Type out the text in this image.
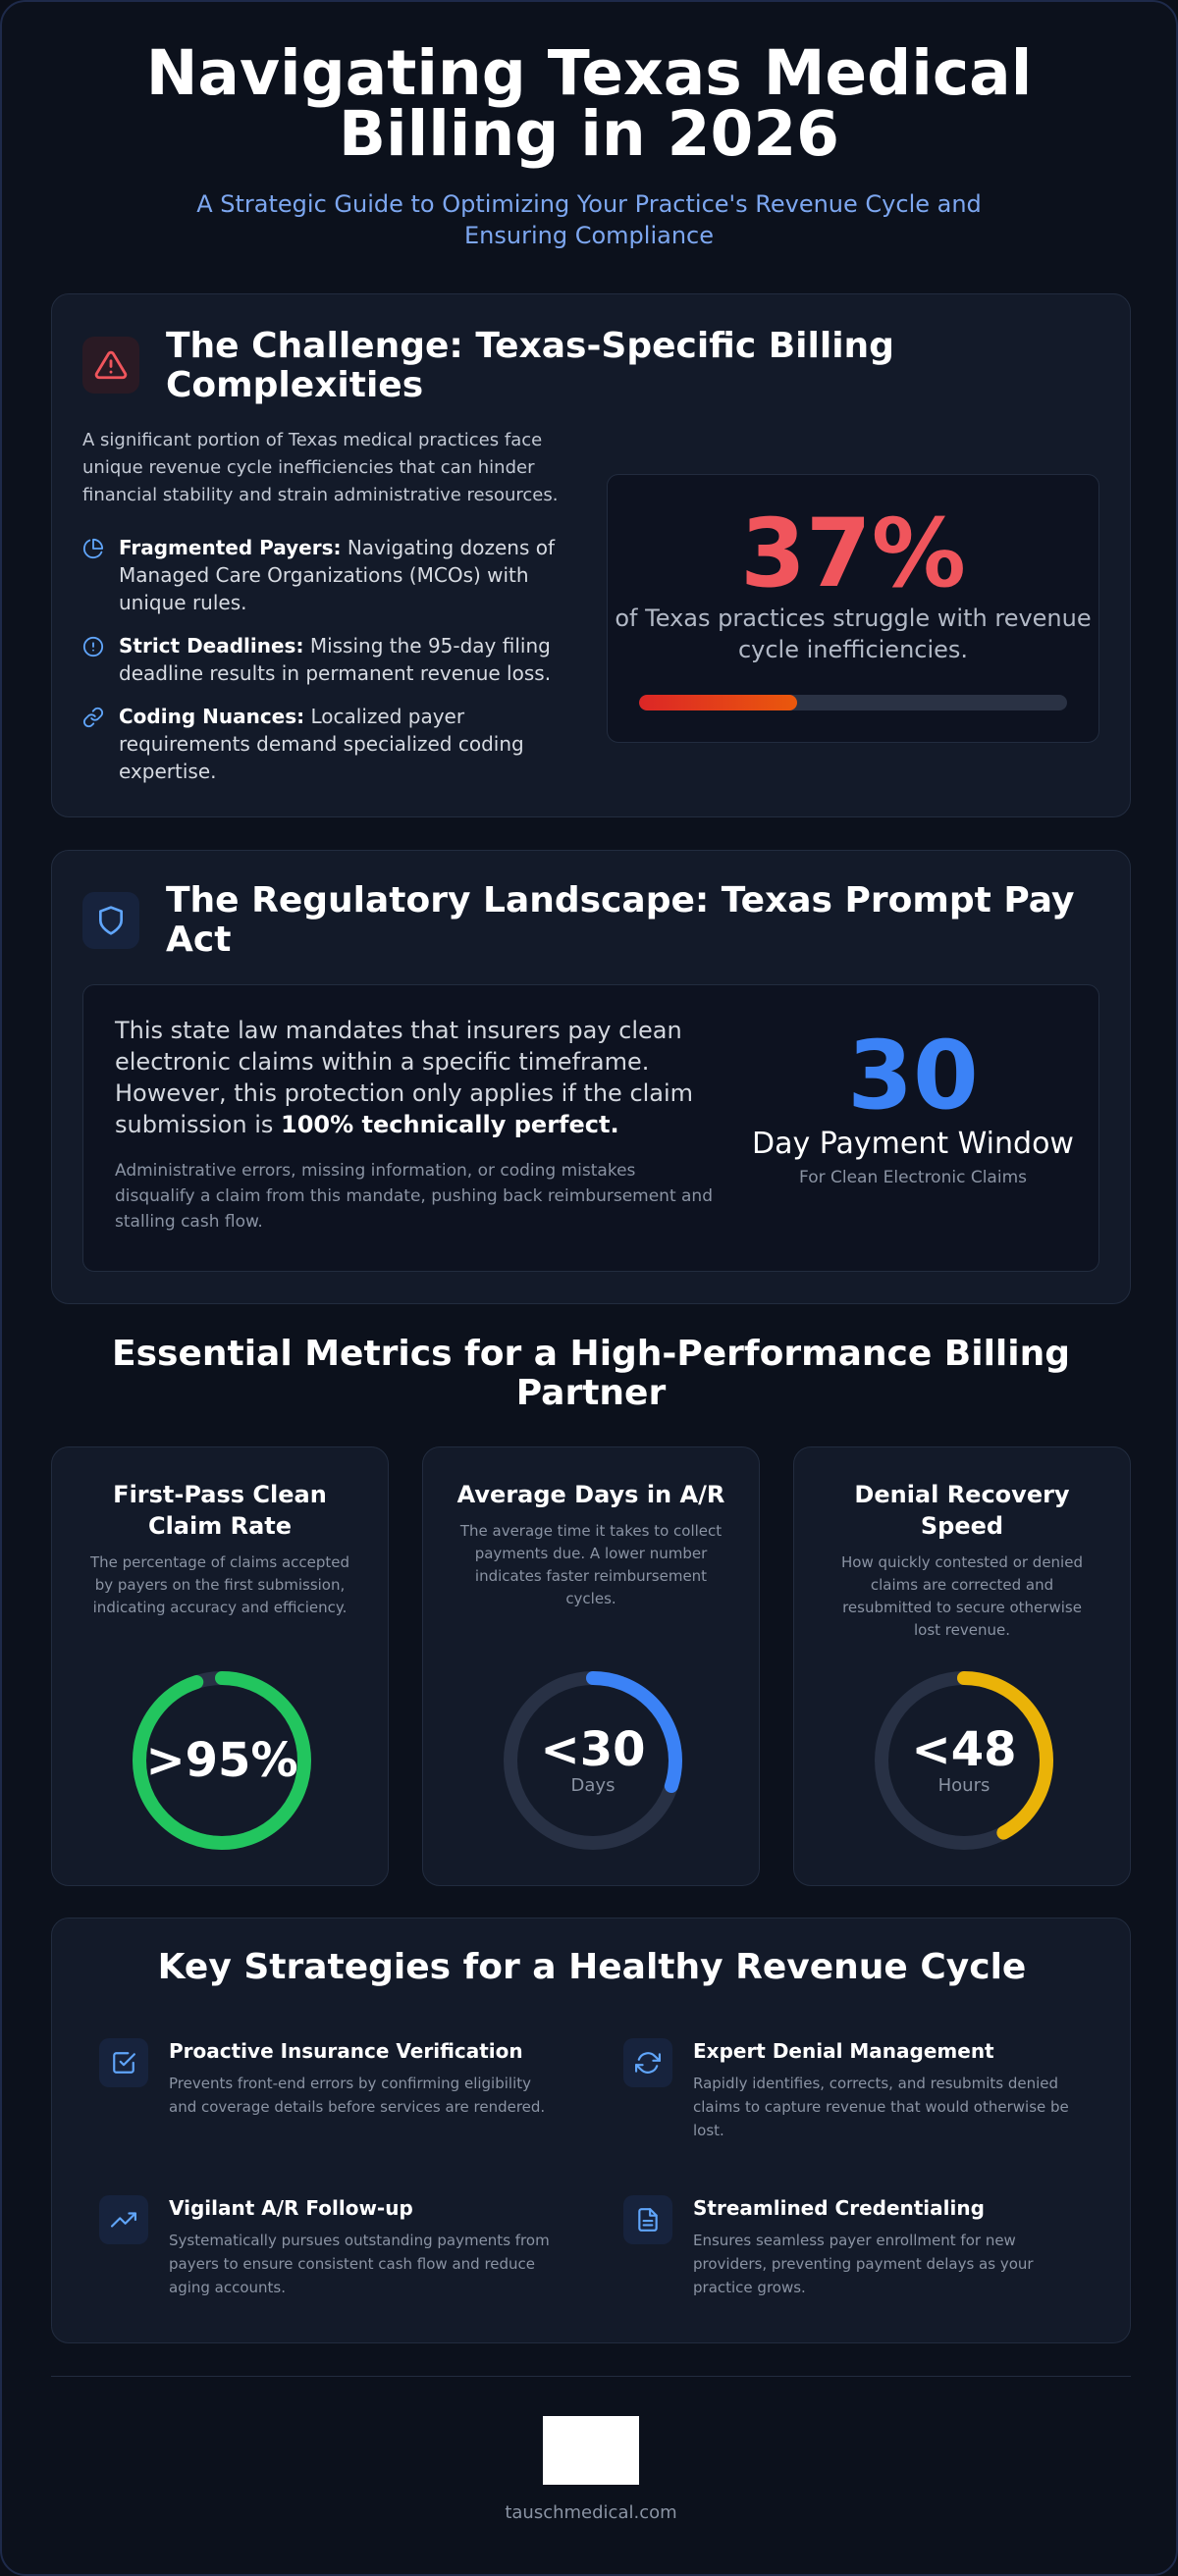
Navigating Texas Medical Billing in 2026

A Strategic Guide to Optimizing Your Practice's Revenue Cycle and Ensuring Compliance

The Challenge: Texas-Specific Billing Complexities

A significant portion of Texas medical practices face unique revenue cycle inefficiencies that can hinder financial stability and strain administrative resources.

Fragmented Payers: Navigating dozens of Managed Care Organizations (MCOs) with unique rules.
Strict Deadlines: Missing the 95-day filing deadline results in permanent revenue loss.
Coding Nuances: Localized payer requirements demand specialized coding expertise.
37%
of Texas practices struggle with revenue cycle inefficiencies.
The Regulatory Landscape: Texas Prompt Pay Act

This state law mandates that insurers pay clean electronic claims within a specific timeframe. However, this protection only applies if the claim submission is 100% technically perfect.

Administrative errors, missing information, or coding mistakes disqualify a claim from this mandate, pushing back reimbursement and stalling cash flow.

30
Day Payment Window
For Clean Electronic Claims
Essential Metrics for a High-Performance Billing Partner
First-Pass Clean Claim Rate

The percentage of claims accepted by payers on the first submission, indicating accuracy and efficiency.

>95%
Average Days in A/R

The average time it takes to collect payments due. A lower number indicates faster reimbursement cycles.

<30
Days
Denial Recovery Speed

How quickly contested or denied claims are corrected and resubmitted to secure otherwise lost revenue.

<48
Hours
Key Strategies for a Healthy Revenue Cycle
Proactive Insurance Verification
Prevents front-end errors by confirming eligibility and coverage details before services are rendered.
Expert Denial Management
Rapidly identifies, corrects, and resubmits denied claims to capture revenue that would otherwise be lost.
Vigilant A/R Follow-up
Systematically pursues outstanding payments from payers to ensure consistent cash flow and reduce aging accounts.
Streamlined Credentialing
Ensures seamless payer enrollment for new providers, preventing payment delays as your practice grows.
tauschmedical.com
